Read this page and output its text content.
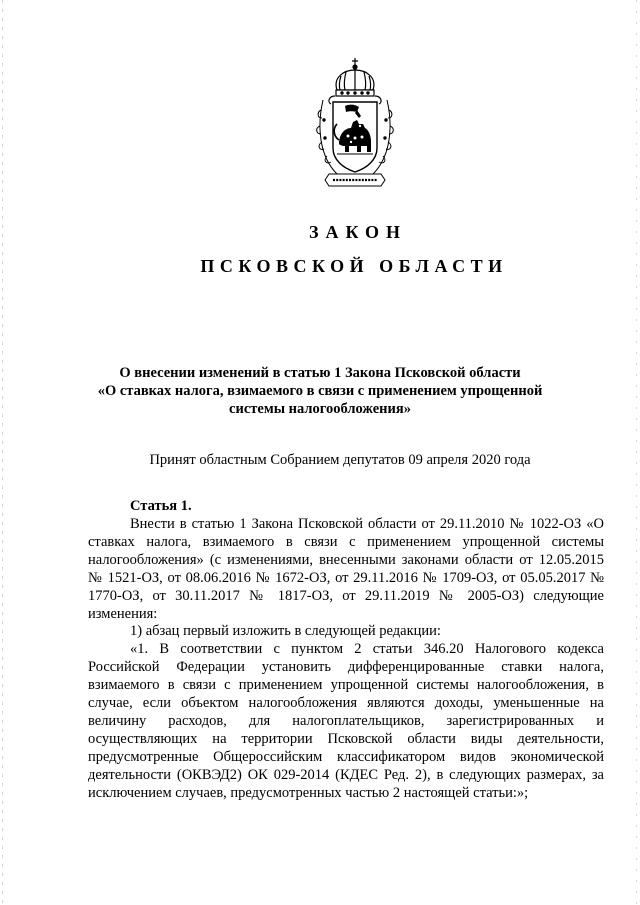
ЗАКОН
ПСКОВСКОЙ ОБЛАСТИ
О внесении изменений в статью 1 Закона Псковской области
«О ставках налога, взимаемого в связи с применением упрощенной
системы налогообложения»
Принят областным Собранием депутатов 09 апреля 2020 года
Статья 1.

Внести в статью 1 Закона Псковской области от 29.11.2010 № 1022-ОЗ «О ставках налога, взимаемого в связи с применением упрощенной системы налогообложения» (с изменениями, внесенными законами области от 12.05.2015 № 1521-ОЗ, от 08.06.2016 № 1672-ОЗ, от 29.11.2016 № 1709-ОЗ, от 05.05.2017 № 1770-ОЗ, от 30.11.2017 № 1817-ОЗ, от 29.11.2019 № 2005-ОЗ) следующие изменения:

1) абзац первый изложить в следующей редакции:

«1. В соответствии с пунктом 2 статьи 346.20 Налогового кодекса Российской Федерации установить дифференцированные ставки налога, взимаемого в связи с применением упрощенной системы налогообложения, в случае, если объектом налогообложения являются доходы, уменьшенные на величину расходов, для налогоплательщиков, зарегистрированных и осуществляющих на территории Псковской области виды деятельности, предусмотренные Общероссийским классификатором видов экономической деятельности (ОКВЭД2) ОК 029-2014 (КДЕС Ред. 2), в следующих размерах, за исключением случаев, предусмотренных частью 2 настоящей статьи:»;
